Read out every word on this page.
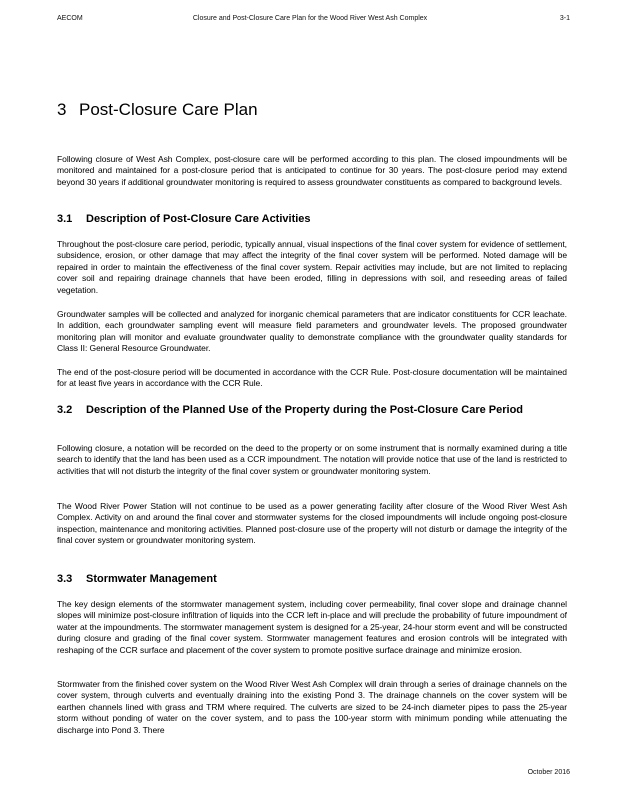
AECOM	Closure and Post-Closure Care Plan for the Wood River West Ash Complex	3-1
3 Post-Closure Care Plan

Following closure of West Ash Complex, post-closure care will be performed according to this plan. The closed impoundments will be monitored and maintained for a post-closure period that is anticipated to continue for 30 years. The post-closure period may extend beyond 30 years if additional groundwater monitoring is required to assess groundwater constituents as compared to background levels.

3.1 Description of Post-Closure Care Activities

Throughout the post-closure care period, periodic, typically annual, visual inspections of the final cover system for evidence of settlement, subsidence, erosion, or other damage that may affect the integrity of the final cover system will be performed. Noted damage will be repaired in order to maintain the effectiveness of the final cover system. Repair activities may include, but are not limited to replacing cover soil and repairing drainage channels that have been eroded, filling in depressions with soil, and reseeding areas of failed vegetation.

Groundwater samples will be collected and analyzed for inorganic chemical parameters that are indicator constituents for CCR leachate. In addition, each groundwater sampling event will measure field parameters and groundwater levels. The proposed groundwater monitoring plan will monitor and evaluate groundwater quality to demonstrate compliance with the groundwater quality standards for Class II: General Resource Groundwater.

The end of the post-closure period will be documented in accordance with the CCR Rule. Post-closure documentation will be maintained for at least five years in accordance with the CCR Rule.

3.2	Description of the Planned Use of the Property during the Post-Closure Care Period

Following closure, a notation will be recorded on the deed to the property or on some instrument that is normally examined during a title search to identify that the land has been used as a CCR impoundment. The notation will provide notice that use of the land is restricted to activities that will not disturb the integrity of the final cover system or groundwater monitoring system.

The Wood River Power Station will not continue to be used as a power generating facility after closure of the Wood River West Ash Complex. Activity on and around the final cover and stormwater systems for the closed impoundments will include ongoing post-closure inspection, maintenance and monitoring activities. Planned post-closure use of the property will not disturb or damage the integrity of the final cover system or groundwater monitoring system.

3.3 Stormwater Management

The key design elements of the stormwater management system, including cover permeability, final cover slope and drainage channel slopes will minimize post-closure infiltration of liquids into the CCR left in-place and will preclude the probability of future impoundment of water at the impoundments. The stormwater management system is designed for a 25-year, 24-hour storm event and will be constructed during closure and grading of the final cover system. Stormwater management features and erosion controls will be integrated with reshaping of the CCR surface and placement of the cover system to promote positive surface drainage and minimize erosion.

Stormwater from the finished cover system on the Wood River West Ash Complex will drain through a series of drainage channels on the cover system, through culverts and eventually draining into the existing Pond 3. The drainage channels on the cover system will be earthen channels lined with grass and TRM where required. The culverts are sized to be 24-inch diameter pipes to pass the 25-year storm without ponding of water on the cover system, and to pass the 100-year storm with minimum ponding while attenuating the discharge into Pond 3. There

October 2016
